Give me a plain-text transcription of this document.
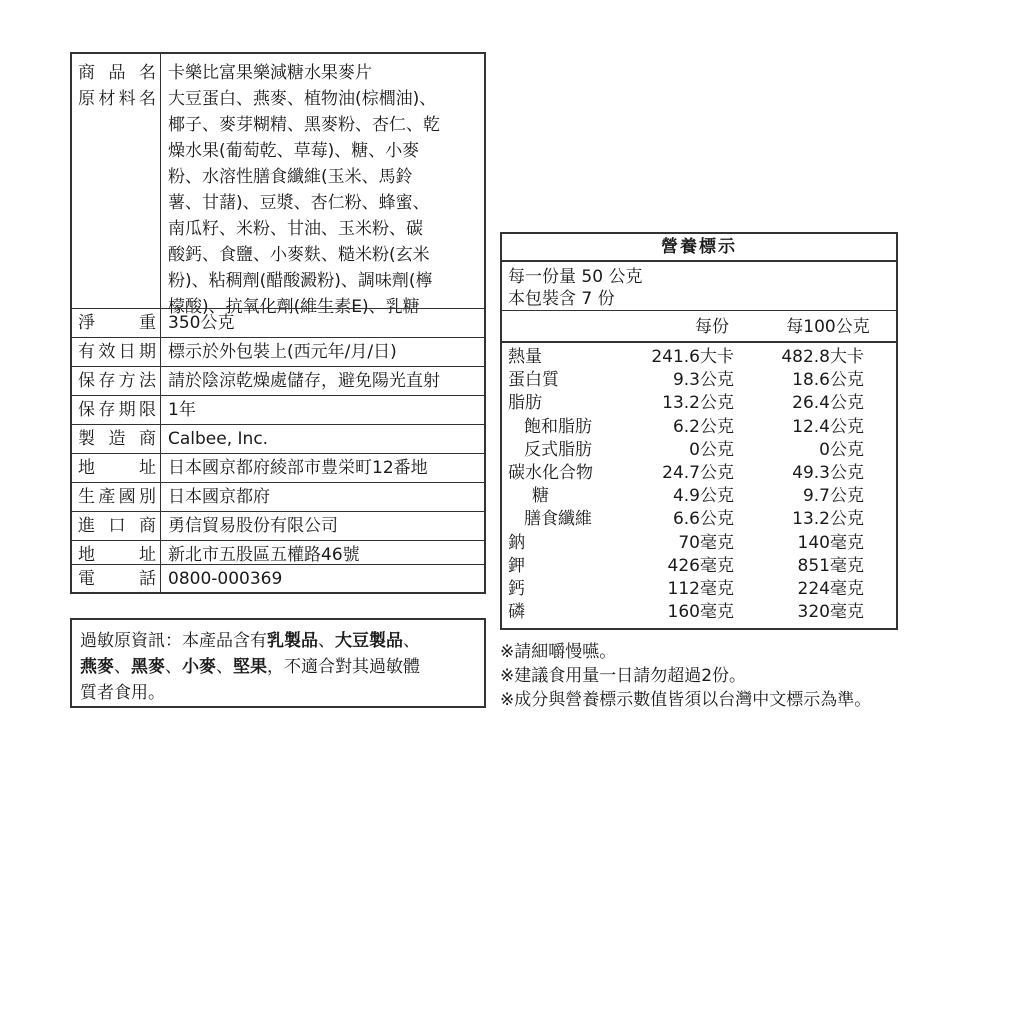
商品名 卡樂比富果樂減糖水果麥片
原材料名 大豆蛋白、燕麥、植物油(棕櫚油)、
椰子、麥芽糊精、黑麥粉、杏仁、乾
燥水果(葡萄乾、草莓)、糖、小麥
粉、水溶性膳食纖維(玉米、馬鈴
薯、甘藷)、豆漿、杏仁粉、蜂蜜、
南瓜籽、米粉、甘油、玉米粉、碳
酸鈣、食鹽、小麥麩、糙米粉(玄米
粉)、粘稠劑(醋酸澱粉)、調味劑(檸
檬酸)、抗氧化劑(維生素E)、乳糖
淨重 350公克
有效日期 標示於外包裝上(西元年/月/日)
保存方法 請於陰涼乾燥處儲存，避免陽光直射
保存期限 1年
製造商 Calbee, Inc.
地址 日本國京都府綾部市豊栄町12番地
生產國別 日本國京都府
進口商 勇信貿易股份有限公司
地址 新北市五股區五權路46號
電話 0800-000369
過敏原資訊：本產品含有乳製品、大豆製品、
燕麥、黑麥、小麥、堅果，不適合對其過敏體
質者食用。
營養標示
每一份量 50 公克
本包裝含 7 份
每份	每100公克
熱量	241.6大卡	482.8大卡
蛋白質	9.3公克	18.6公克
脂肪	13.2公克	26.4公克
飽和脂肪	6.2公克	12.4公克
反式脂肪	0公克	0公克
碳水化合物	24.7公克	49.3公克
糖	4.9公克	9.7公克
膳食纖維	6.6公克	13.2公克
鈉	70毫克	140毫克
鉀	426毫克	851毫克
鈣	112毫克	224毫克
磷	160毫克	320毫克
※請細嚼慢嚥。
※建議食用量一日請勿超過2份。
※成分與營養標示數值皆須以台灣中文標示為準。
